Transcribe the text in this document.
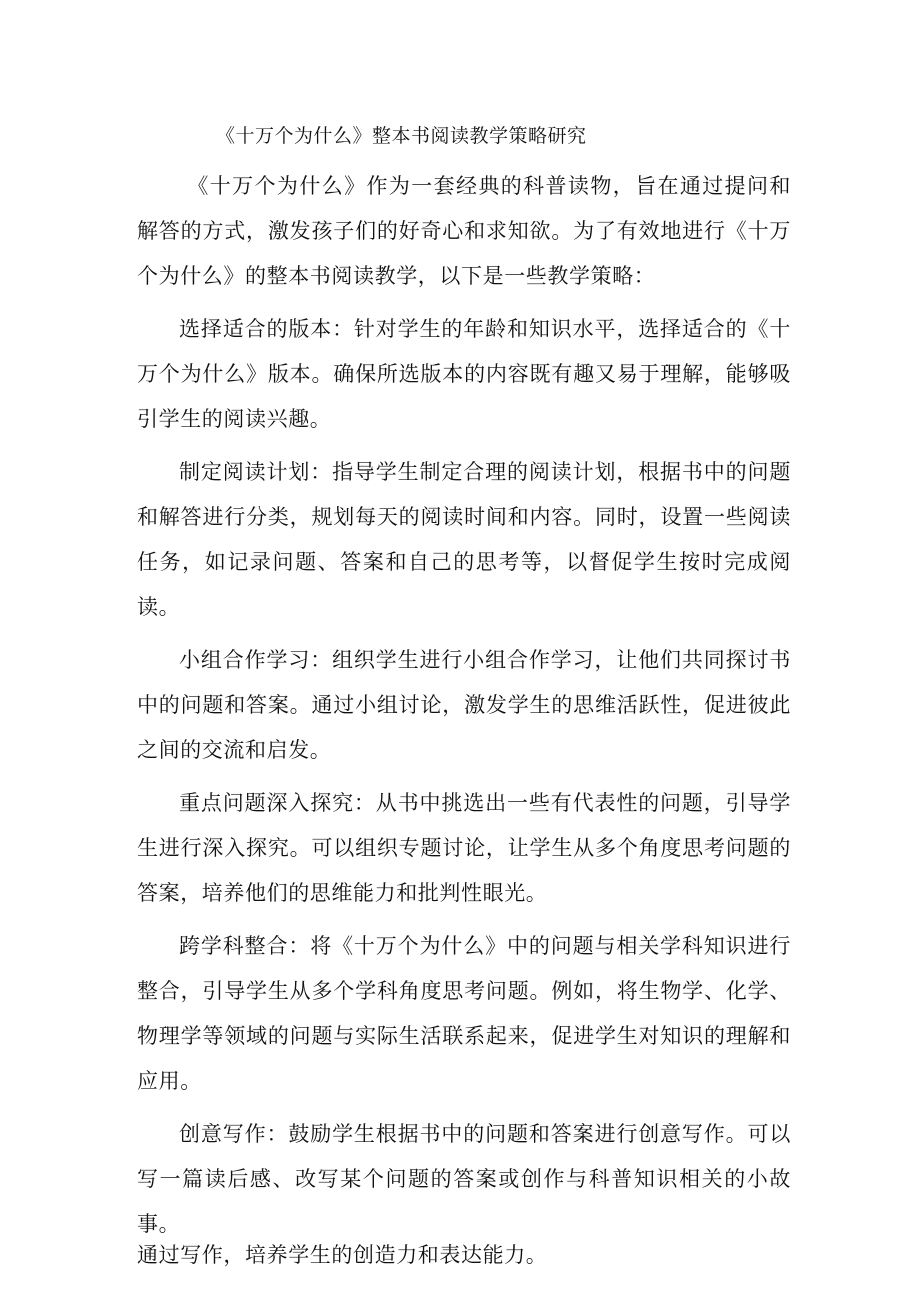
《十万个为什么》整本书阅读教学策略研究

《十万个为什么》作为一套经典的科普读物，旨在通过提问和解答的方式，激发孩子们的好奇心和求知欲。为了有效地进行《十万个为什么》的整本书阅读教学，以下是一些教学策略：

选择适合的版本：针对学生的年龄和知识水平，选择适合的《十万个为什么》版本。确保所选版本的内容既有趣又易于理解，能够吸引学生的阅读兴趣。

制定阅读计划：指导学生制定合理的阅读计划，根据书中的问题和解答进行分类，规划每天的阅读时间和内容。同时，设置一些阅读任务，如记录问题、答案和自己的思考等，以督促学生按时完成阅读。

小组合作学习：组织学生进行小组合作学习，让他们共同探讨书中的问题和答案。通过小组讨论，激发学生的思维活跃性，促进彼此之间的交流和启发。

重点问题深入探究：从书中挑选出一些有代表性的问题，引导学生进行深入探究。可以组织专题讨论，让学生从多个角度思考问题的答案，培养他们的思维能力和批判性眼光。

跨学科整合：将《十万个为什么》中的问题与相关学科知识进行整合，引导学生从多个学科角度思考问题。例如，将生物学、化学、物理学等领域的问题与实际生活联系起来，促进学生对知识的理解和应用。

创意写作：鼓励学生根据书中的问题和答案进行创意写作。可以写一篇读后感、改写某个问题的答案或创作与科普知识相关的小故事。

通过写作，培养学生的创造力和表达能力。
